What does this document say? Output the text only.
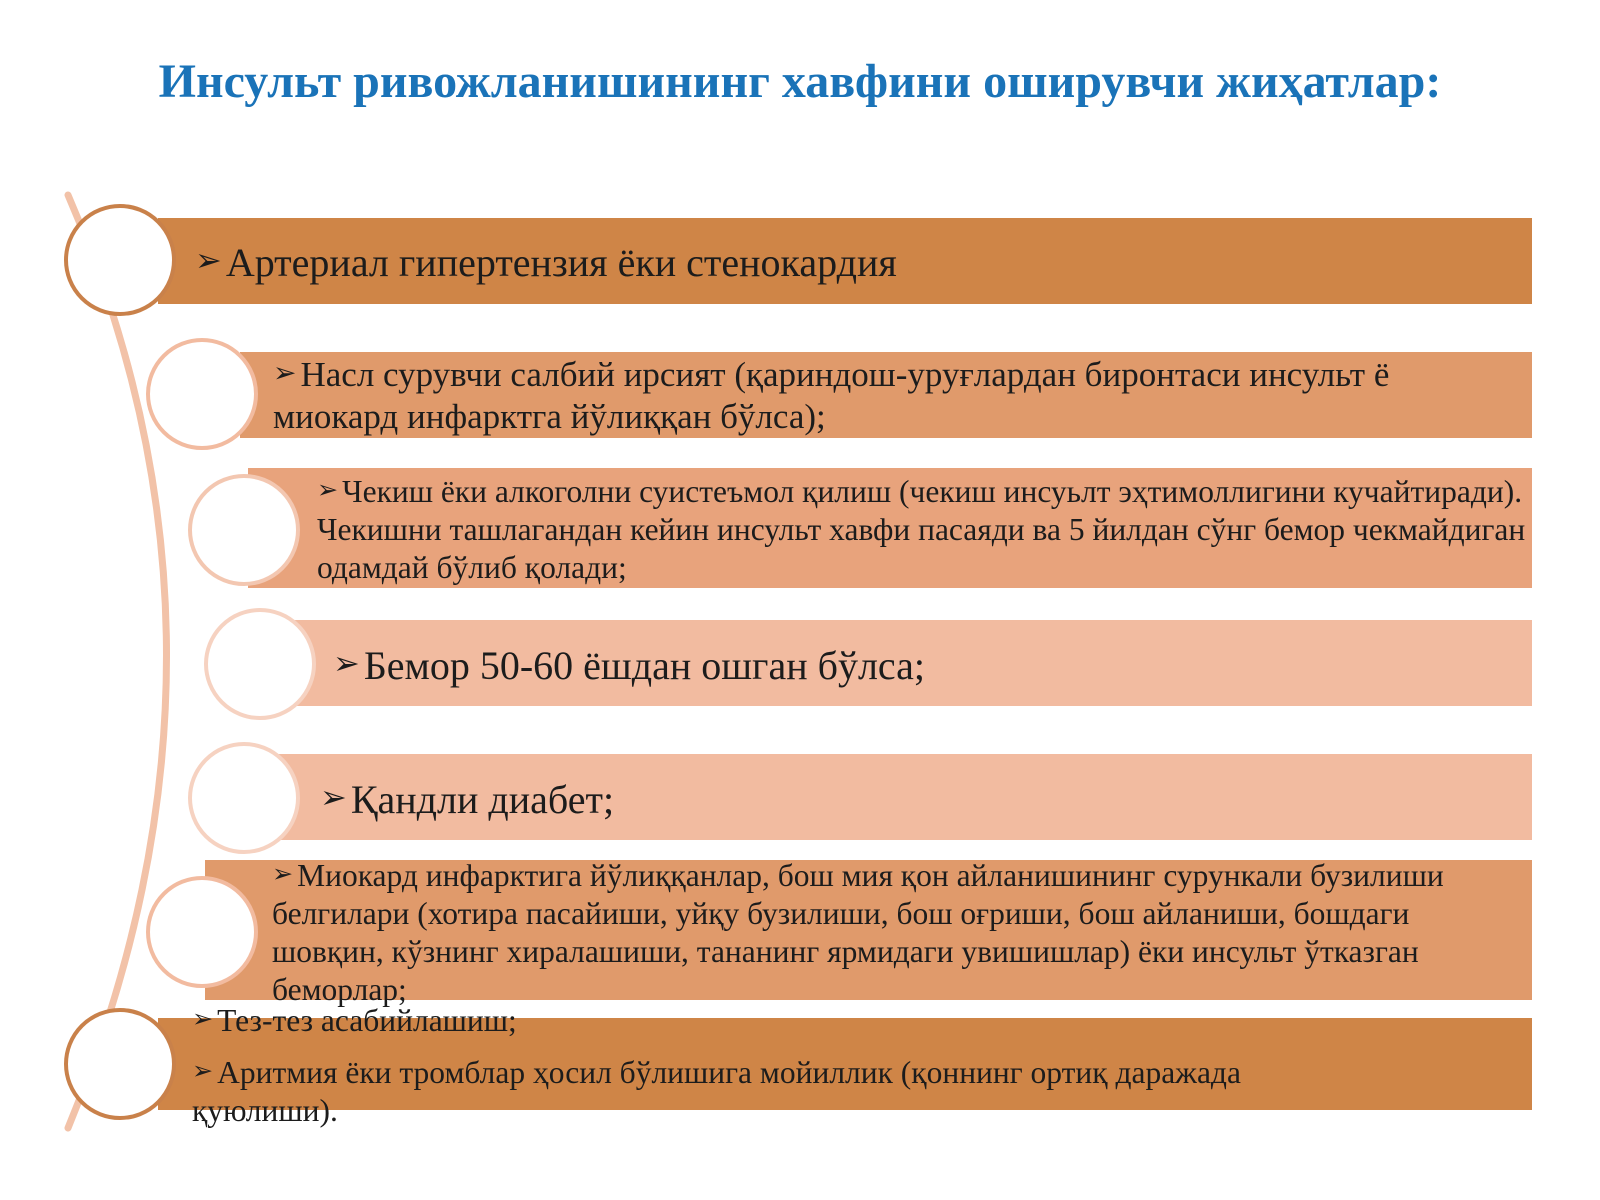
Инсульт ривожланишининг хавфини оширувчи жиҳатлар:
➢ Артериал гипертензия ёки стенокардия
➢ Насл сурувчи салбий ирсият (қариндош-уруғлардан биронтаси инсульт ё миокард инфарктга йўлиққан бўлса);
➢ Чекиш ёки алкоголни суистеъмол қилиш (чекиш инсуьлт эҳтимоллигини кучайтиради). Чекишни ташлагандан кейин инсульт хавфи пасаяди ва 5 йилдан сўнг бемор чекмайдиган одамдай бўлиб қолади;
➢ Бемор 50-60 ёшдан ошган бўлса;
➢ Қандли диабет;
➢ Миокард инфарктига йўлиққанлар, бош мия қон айланишининг сурункали бузилиши белгилари (хотира пасайиши, уйқу бузилиши, бош оғриши, бош айланиши, бошдаги шовқин, кўзнинг хиралашиши, тананинг ярмидаги увишишлар) ёки инсульт ўтказган беморлар;

➢ Тез-тез асабийлашиш;

➢ Аритмия ёки тромблар ҳосил бўлишига мойиллик (қоннинг ортиқ даражада қуюлиши).
